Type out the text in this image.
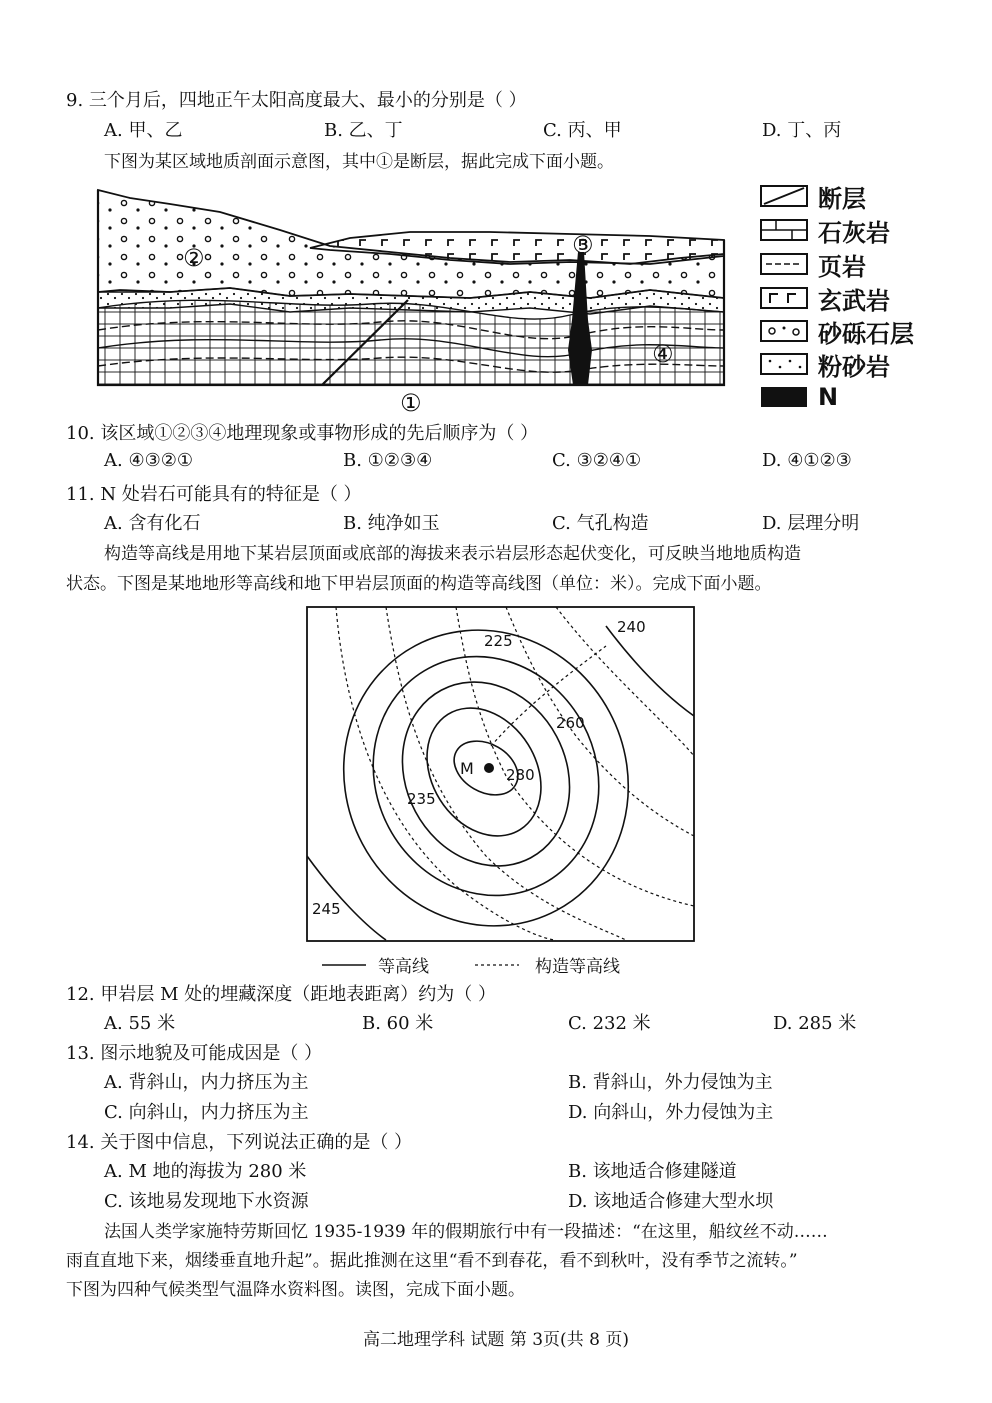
9. 三个月后，四地正午太阳高度最大、最小的分别是（ ）
A. 甲、乙	B. 乙、丁	C. 丙、甲	D. 丁、丙
下图为某区域地质剖面示意图，其中①是断层，据此完成下面小题。
①
②	③
④
断层
石灰岩
页岩
玄武岩
砂砾石层
粉砂岩
N
10. 该区域①②③④地理现象或事物形成的先后顺序为（ ）
A. ④③②①	B. ①②③④	C. ③②④①	D. ④①②③
11. N 处岩石可能具有的特征是（ ）
A. 含有化石	B. 纯净如玉	C. 气孔构造	D. 层理分明
构造等高线是用地下某岩层顶面或底部的海拔来表示岩层形态起伏变化，可反映当地地质构造
状态。下图是某地地形等高线和地下甲岩层顶面的构造等高线图（单位：米）。完成下面小题。
225
240
260
280
235
245
M
等高线	构造等高线
12. 甲岩层 M 处的埋藏深度（距地表距离）约为（ ）
A. 55 米	B. 60 米	C. 232 米	D. 285 米
13. 图示地貌及可能成因是（ ）
A. 背斜山，内力挤压为主	B. 背斜山，外力侵蚀为主
C. 向斜山，内力挤压为主	D. 向斜山，外力侵蚀为主
14. 关于图中信息，下列说法正确的是（ ）
A. M 地的海拔为 280 米	B. 该地适合修建隧道
C. 该地易发现地下水资源	D. 该地适合修建大型水坝
法国人类学家施特劳斯回忆 1935-1939 年的假期旅行中有一段描述：“在这里，船纹丝不动……
雨直直地下来，烟缕垂直地升起”。据此推测在这里“看不到春花，看不到秋叶，没有季节之流转。”
下图为四种气候类型气温降水资料图。读图，完成下面小题。
高二地理学科 试题 第 3页(共 8 页)
